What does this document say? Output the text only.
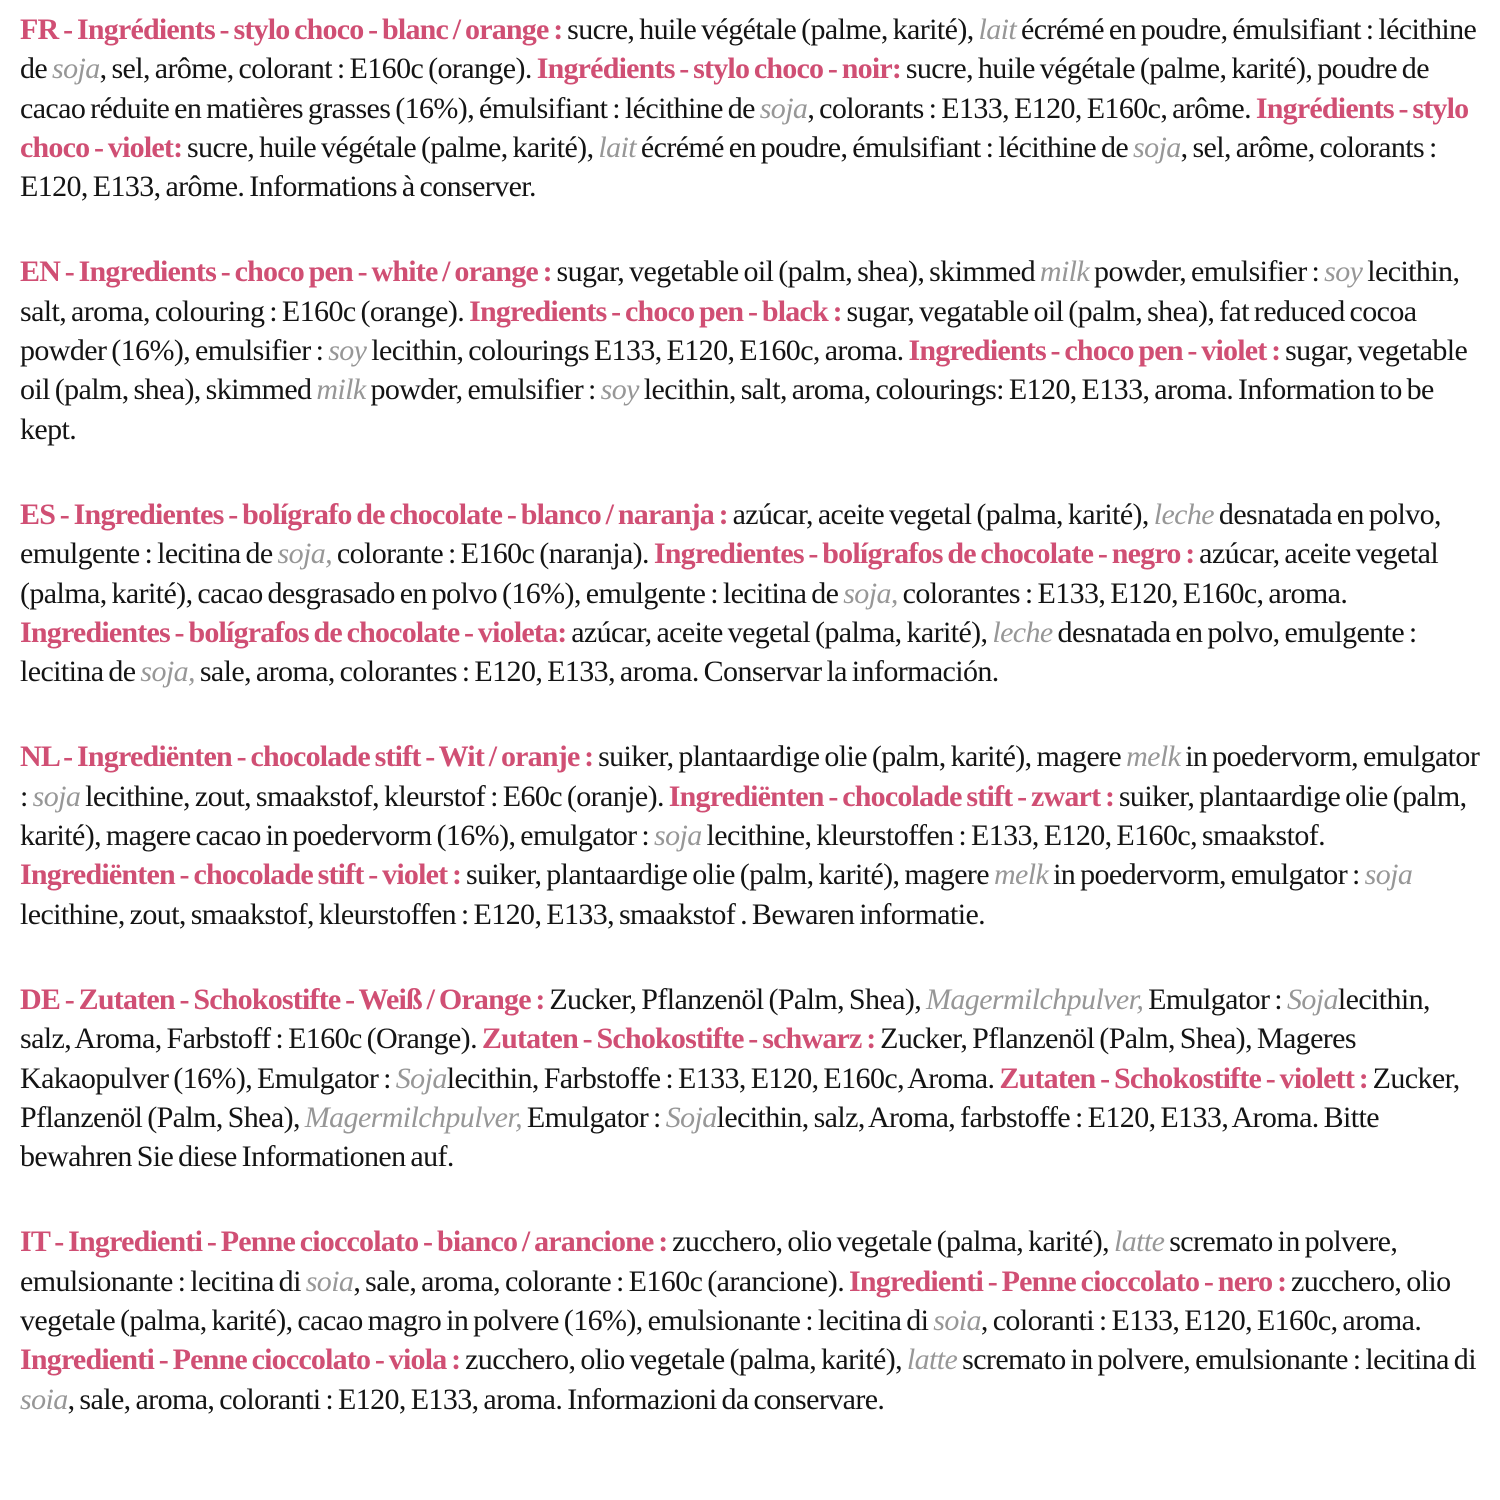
FR - Ingrédients - stylo choco - blanc / orange : sucre, huile végétale (palme, karité), lait écrémé en poudre, émulsifiant : lécithine de soja, sel, arôme, colorant : E160c (orange). Ingrédients - stylo choco - noir: sucre, huile végétale (palme, karité), poudre de cacao réduite en matières grasses (16%), émulsifiant : lécithine de soja, colorants : E133, E120, E160c, arôme. Ingrédients - stylo choco - violet: sucre, huile végétale (palme, karité), lait écrémé en poudre, émulsifiant : lécithine de soja, sel, arôme, colorants : E120, E133, arôme. Informations à conserver.

EN - Ingredients - choco pen - white / orange : sugar, vegetable oil (palm, shea), skimmed milk powder, emulsifier : soy lecithin, salt, aroma, colouring : E160c (orange). Ingredients - choco pen - black : sugar, vegatable oil (palm, shea), fat reduced cocoa powder (16%), emulsifier : soy lecithin, colourings E133, E120, E160c, aroma. Ingredients - choco pen - violet : sugar, vegetable oil (palm, shea), skimmed milk powder, emulsifier : soy lecithin, salt, aroma, colourings: E120, E133, aroma. Information to be kept.

ES - Ingredientes - bolígrafo de chocolate - blanco / naranja : azúcar, aceite vegetal (palma, karité), leche desnatada en polvo, emulgente : lecitina de soja, colorante : E160c (naranja). Ingredientes - bolígrafos de chocolate - negro : azúcar, aceite vegetal (palma, karité), cacao desgrasado en polvo (16%), emulgente : lecitina de soja, colorantes : E133, E120, E160c, aroma. Ingredientes - bolígrafos de chocolate - violeta: azúcar, aceite vegetal (palma, karité), leche desnatada en polvo, emulgente : lecitina de soja, sale, aroma, colorantes : E120, E133, aroma. Conservar la información.

NL - Ingrediënten - chocolade stift - Wit / oranje : suiker, plantaardige olie (palm, karité), magere melk in poedervorm, emulgator : soja lecithine, zout, smaakstof, kleurstof : E60c (oranje). Ingrediënten - chocolade stift - zwart : suiker, plantaardige olie (palm, karité), magere cacao in poedervorm (16%), emulgator : soja lecithine, kleurstoffen : E133, E120, E160c, smaakstof. Ingrediënten - chocolade stift - violet : suiker, plantaardige olie (palm, karité), magere melk in poedervorm, emulgator : soja lecithine, zout, smaakstof, kleurstoffen : E120, E133, smaakstof . Bewaren informatie.

DE - Zutaten - Schokostifte - Weiß / Orange : Zucker, Pflanzenöl (Palm, Shea), Magermilchpulver, Emulgator : Sojalecithin, salz, Aroma, Farbstoff : E160c (Orange). Zutaten - Schokostifte - schwarz : Zucker, Pflanzenöl (Palm, Shea), Mageres Kakaopulver (16%), Emulgator : Sojalecithin, Farbstoffe : E133, E120, E160c, Aroma. Zutaten - Schokostifte - violett : Zucker, Pflanzenöl (Palm, Shea), Magermilchpulver, Emulgator : Sojalecithin, salz, Aroma, farbstoffe : E120, E133, Aroma. Bitte bewahren Sie diese Informationen auf.

IT - Ingredienti - Penne cioccolato - bianco / arancione : zucchero, olio vegetale (palma, karité), latte scremato in polvere, emulsionante : lecitina di soia, sale, aroma, colorante : E160c (arancione). Ingredienti - Penne cioccolato - nero : zucchero, olio vegetale (palma, karité), cacao magro in polvere (16%), emulsionante : lecitina di soia, coloranti : E133, E120, E160c, aroma. Ingredienti - Penne cioccolato - viola : zucchero, olio vegetale (palma, karité), latte scremato in polvere, emulsionante : lecitina di soia, sale, aroma, coloranti : E120, E133, aroma. Informazioni da conservare.
